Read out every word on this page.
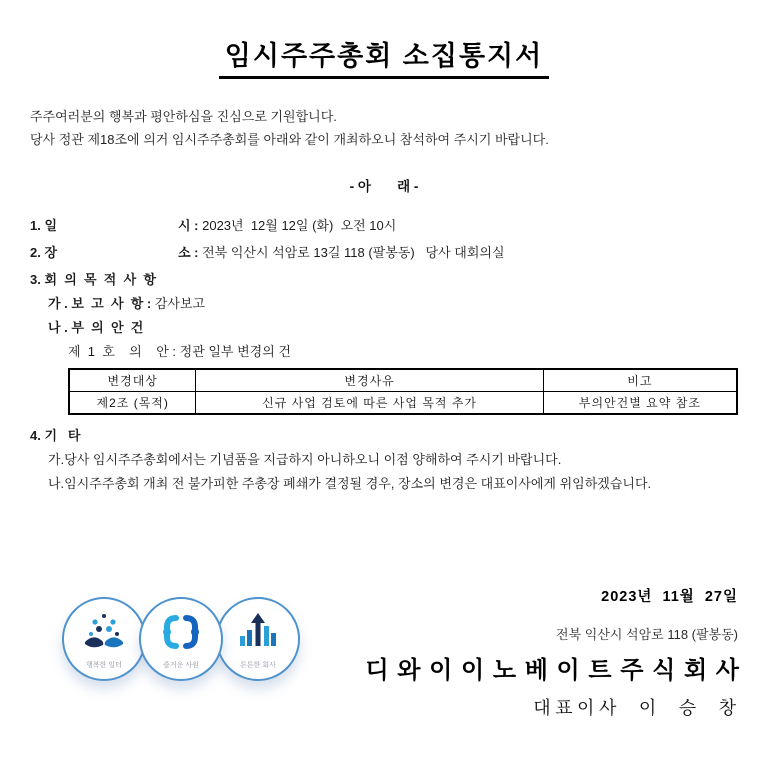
임시주주총회 소집통지서
주주여러분의 행복과 평안하심을 진심으로 기원합니다.
당사 정관 제18조에 의거 임시주주총회를 아래와 같이 개최하오니 참석하여 주시기 바랍니다.
- 아       래 -
1. 일	시 : 2023년  12월 12일 (화)  오전 10시
2. 장	소 : 전북 익산시 석암로 13길 118 (팔봉동)   당사 대회의실
3. 회  의  목  적  사  항
가 . 보  고  사  항 : 감사보고
나 . 부  의  안  건
제  1  호    의    안 : 정관 일부 변경의 건
변경대상	변경사유	비고
제2조 (목적)	신규 사업 검토에 따른 사업 목적 추가	부의안건별 요약 참조
4. 기   타
가.당사 임시주주총회에서는 기념품을 지급하지 아니하오니 이점 양해하여 주시기 바랍니다.
나.임시주주총회 개최 전 불가피한 주총장 폐쇄가 결정될 경우, 장소의 변경은 대표이사에게 위임하겠습니다.
2023년  11월  27일
전북 익산시 석암로 118 (팔봉동)
디 와 이 이 노 베 이 트 주 식 회 사
대 표 이 사     이     승     창
행복한 일터	즐거운 사원	튼튼한 회사
